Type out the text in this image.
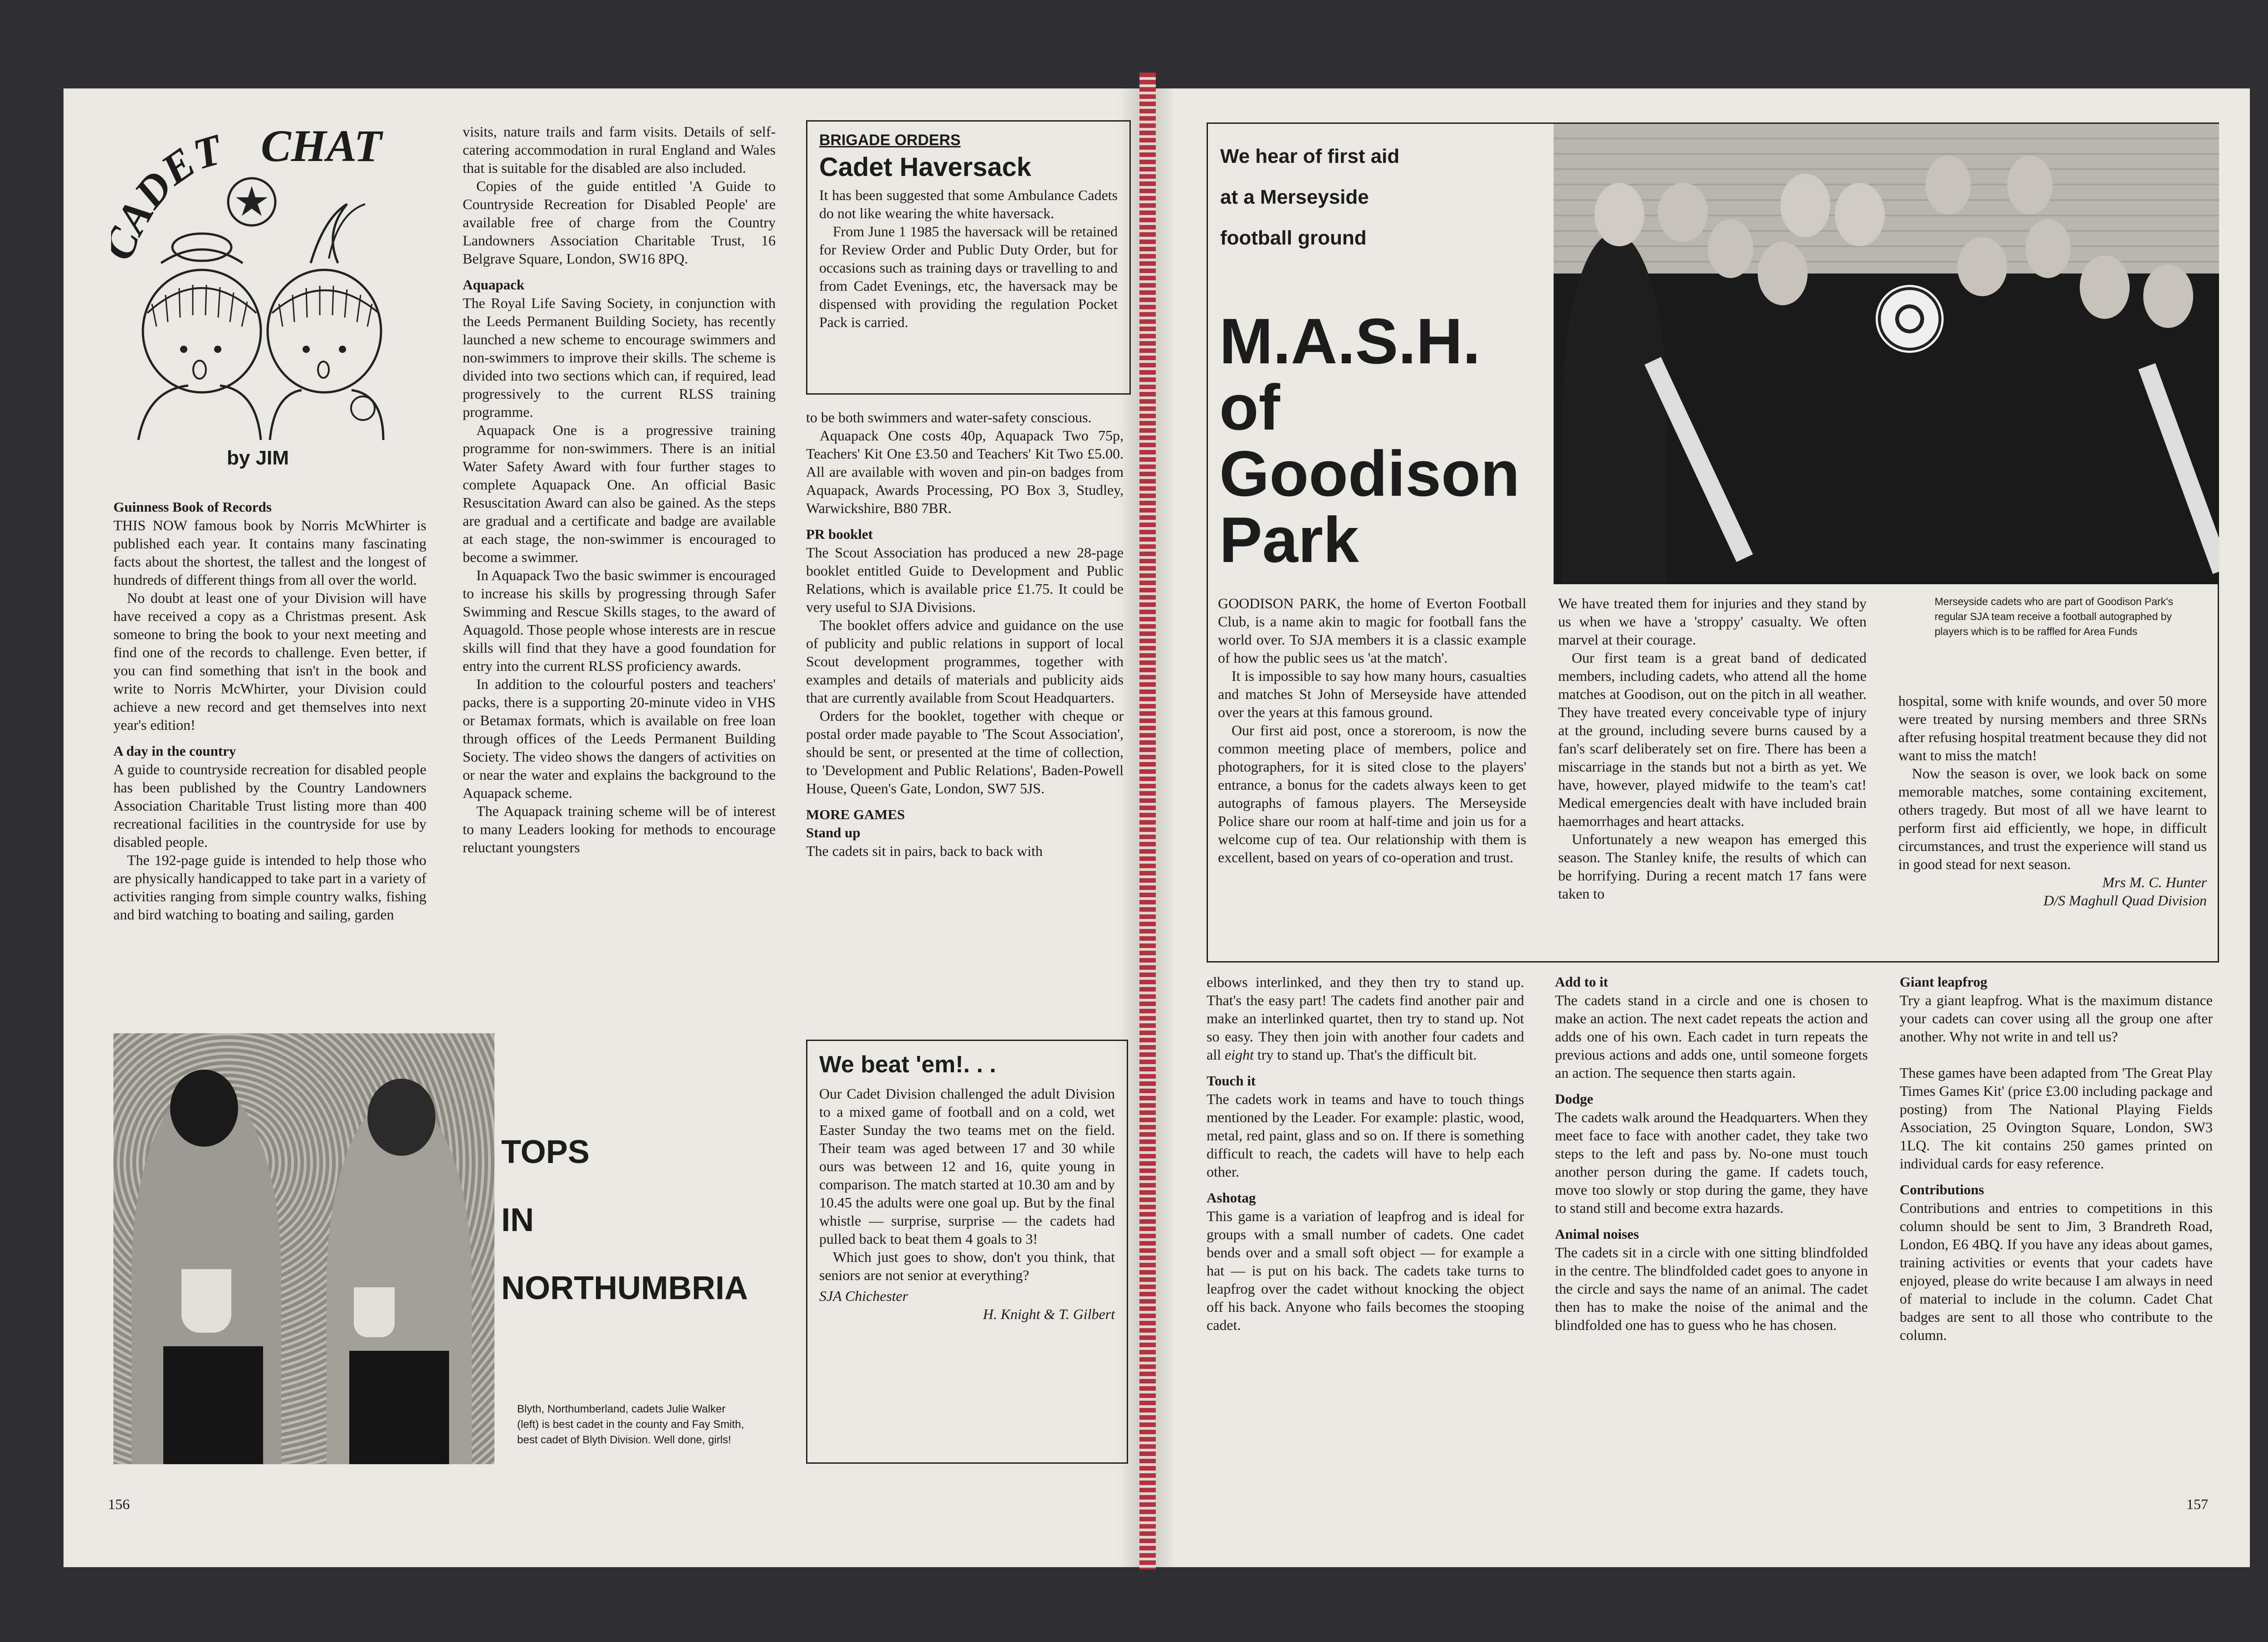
ADET CHAT
by JIM
Guinness Book of Records

THIS NOW famous book by Norris McWhirter is published each year. It contains many fascinating facts about the shortest, the tallest and the longest of hundreds of different things from all over the world.

No doubt at least one of your Division will have have received a copy as a Christmas present. Ask someone to bring the book to your next meeting and find one of the records to challenge. Even better, if you can find something that isn't in the book and write to Norris McWhirter, your Division could achieve a new record and get themselves into next year's edition!

A day in the country

A guide to countryside recreation for disabled people has been published by the Country Landowners Association Charitable Trust listing more than 400 recreational facilities in the countryside for use by disabled people.

The 192-page guide is intended to help those who are physically handicapped to take part in a variety of activities ranging from simple country walks, fishing and bird watching to boating and sailing, garden

visits, nature trails and farm visits. Details of self-catering accommodation in rural England and Wales that is suitable for the disabled are also included.

Copies of the guide entitled 'A Guide to Countryside Recreation for Disabled People' are available free of charge from the Country Landowners Association Charitable Trust, 16 Belgrave Square, London, SW16 8PQ.

Aquapack

The Royal Life Saving Society, in conjunction with the Leeds Permanent Building Society, has recently launched a new scheme to encourage swimmers and non-swimmers to improve their skills. The scheme is divided into two sections which can, if required, lead progressively to the current RLSS training programme.

Aquapack One is a progressive training programme for non-swimmers. There is an initial Water Safety Award with four further stages to complete Aquapack One. An official Basic Resuscitation Award can also be gained. As the steps are gradual and a certificate and badge are available at each stage, the non-swimmer is encouraged to become a swimmer.

In Aquapack Two the basic swimmer is encouraged to increase his skills by progressing through Safer Swimming and Rescue Skills stages, to the award of Aquagold. Those people whose interests are in rescue skills will find that they have a good foundation for entry into the current RLSS proficiency awards.

In addition to the colourful posters and teachers' packs, there is a supporting 20-minute video in VHS or Betamax formats, which is available on free loan through offices of the Leeds Permanent Building Society. The video shows the dangers of activities on or near the water and explains the background to the Aquapack scheme.

The Aquapack training scheme will be of interest to many Leaders looking for methods to encourage reluctant youngsters

BRIGADE ORDERS
Cadet Haversack

It has been suggested that some Ambulance Cadets do not like wearing the white haversack.

From June 1 1985 the haversack will be retained for Review Order and Public Duty Order, but for occasions such as training days or travelling to and from Cadet Evenings, etc, the haversack may be dispensed with providing the regulation Pocket Pack is carried.

to be both swimmers and water-safety conscious.

Aquapack One costs 40p, Aquapack Two 75p, Teachers' Kit One £3.50 and Teachers' Kit Two £5.00. All are available with woven and pin-on badges from Aquapack, Awards Processing, PO Box 3, Studley, Warwickshire, B80 7BR.

PR booklet

The Scout Association has produced a new 28-page booklet entitled Guide to Development and Public Relations, which is available price £1.75. It could be very useful to SJA Divisions.

The booklet offers advice and guidance on the use of publicity and public relations in support of local Scout development programmes, together with examples and details of materials and publicity aids that are currently available from Scout Headquarters.

Orders for the booklet, together with cheque or postal order made payable to 'The Scout Association', should be sent, or presented at the time of collection, to 'Development and Public Relations', Baden-Powell House, Queen's Gate, London, SW7 5JS.

MORE GAMES
Stand up

The cadets sit in pairs, back to back with

TOPS
IN
NORTHUMBRIA
Blyth, Northumberland, cadets Julie Walker (left) is best cadet in the county and Fay Smith, best cadet of Blyth Division. Well done, girls!
We beat 'em!. . .

Our Cadet Division challenged the adult Division to a mixed game of football and on a cold, wet Easter Sunday the two teams met on the field. Their team was aged between 17 and 30 while ours was between 12 and 16, quite young in comparison. The match started at 10.30 am and by 10.45 the adults were one goal up. But by the final whistle — surprise, surprise — the cadets had pulled back to beat them 4 goals to 3!

Which just goes to show, don't you think, that seniors are not senior at everything?

SJA Chichester
H. Knight & T. Gilbert
156
We hear of first aid
at a Merseyside
football ground
M.A.S.H.
of
Goodison
Park
Merseyside cadets who are part of Goodison Park's regular SJA team receive a football autographed by players which is to be raffled for Area Funds

GOODISON PARK, the home of Everton Football Club, is a name akin to magic for football fans the world over. To SJA members it is a classic example of how the public sees us 'at the match'.

It is impossible to say how many hours, casualties and matches St John of Merseyside have attended over the years at this famous ground.

Our first aid post, once a storeroom, is now the common meeting place of members, police and photographers, for it is sited close to the players' entrance, a bonus for the cadets always keen to get autographs of famous players. The Merseyside Police share our room at half-time and join us for a welcome cup of tea. Our relationship with them is excellent, based on years of co-operation and trust.

We have treated them for injuries and they stand by us when we have a 'stroppy' casualty. We often marvel at their courage.

Our first team is a great band of dedicated members, including cadets, who attend all the home matches at Goodison, out on the pitch in all weather. They have treated every conceivable type of injury at the ground, including severe burns caused by a fan's scarf deliberately set on fire. There has been a miscarriage in the stands but not a birth as yet. We have, however, played midwife to the team's cat! Medical emergencies dealt with have included brain haemorrhages and heart attacks.

Unfortunately a new weapon has emerged this season. The Stanley knife, the results of which can be horrifying. During a recent match 17 fans were taken to

hospital, some with knife wounds, and over 50 more were treated by nursing members and three SRNs after refusing hospital treatment because they did not want to miss the match!

Now the season is over, we look back on some memorable matches, some containing excitement, others tragedy. But most of all we have learnt to perform first aid efficiently, we hope, in difficult circumstances, and trust the experience will stand us in good stead for next season.

Mrs M. C. Hunter
D/S Maghull Quad Division

elbows interlinked, and they then try to stand up. That's the easy part! The cadets find another pair and make an interlinked quartet, then try to stand up. Not so easy. They then join with another four cadets and all eight try to stand up. That's the difficult bit.

Touch it

The cadets work in teams and have to touch things mentioned by the Leader. For example: plastic, wood, metal, red paint, glass and so on. If there is something difficult to reach, the cadets will have to help each other.

Ashotag

This game is a variation of leapfrog and is ideal for groups with a small number of cadets. One cadet bends over and a small soft object — for example a hat — is put on his back. The cadets take turns to leapfrog over the cadet without knocking the object off his back. Anyone who fails becomes the stooping cadet.

Add to it

The cadets stand in a circle and one is chosen to make an action. The next cadet repeats the action and adds one of his own. Each cadet in turn repeats the previous actions and adds one, until someone forgets an action. The sequence then starts again.

Dodge

The cadets walk around the Headquarters. When they meet face to face with another cadet, they take two steps to the left and pass by. No-one must touch another person during the game. If cadets touch, move too slowly or stop during the game, they have to stand still and become extra hazards.

Animal noises

The cadets sit in a circle with one sitting blindfolded in the centre. The blindfolded cadet goes to anyone in the circle and says the name of an animal. The cadet then has to make the noise of the animal and the blindfolded one has to guess who he has chosen.

Giant leapfrog

Try a giant leapfrog. What is the maximum distance your cadets can cover using all the group one after another. Why not write in and tell us?

These games have been adapted from 'The Great Play Times Games Kit' (price £3.00 including package and posting) from The National Playing Fields Association, 25 Ovington Square, London, SW3 1LQ. The kit contains 250 games printed on individual cards for easy reference.

Contributions

Contributions and entries to competitions in this column should be sent to Jim, 3 Brandreth Road, London, E6 4BQ. If you have any ideas about games, training activities or events that your cadets have enjoyed, please do write because I am always in need of material to include in the column. Cadet Chat badges are sent to all those who contribute to the column.

157
